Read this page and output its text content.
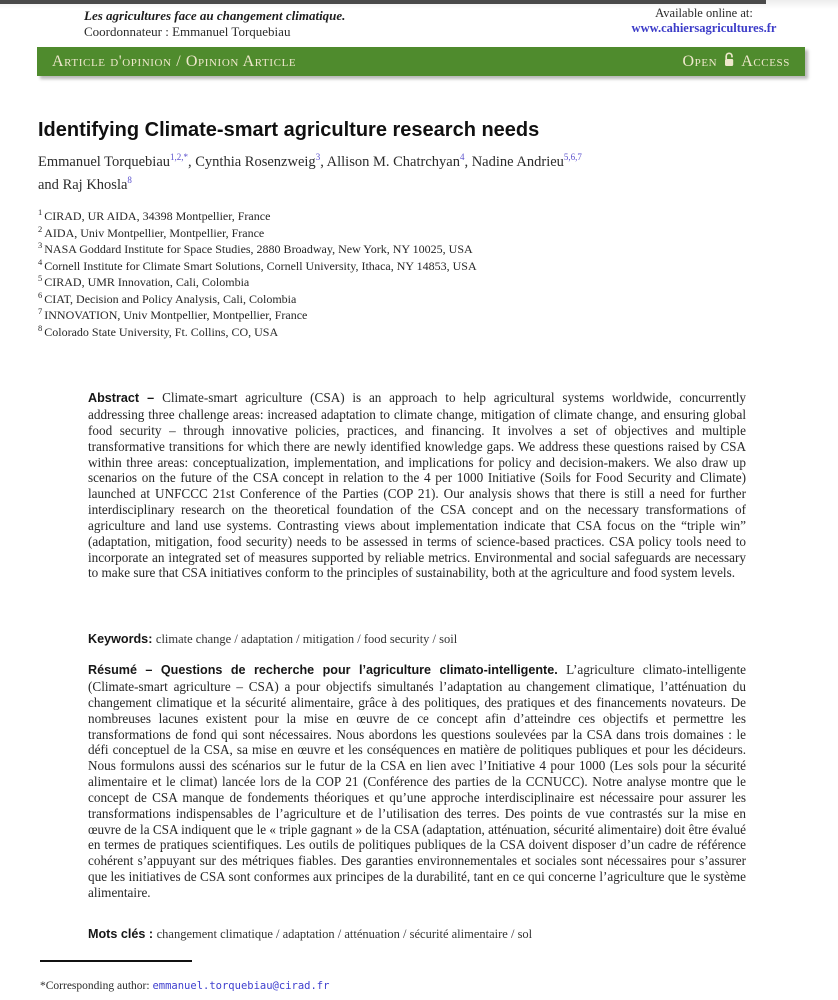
Les agricultures face au changement climatique.
Coordonnateur : Emmanuel Torquebiau
Available online at:
www.cahiersagricultures.fr
Article d'opinion / Opinion Article	Open Access
Identifying Climate-smart agriculture research needs
Emmanuel Torquebiau$^{1,2,*}$, Cynthia Rosenzweig$^3$, Allison M. Chatrchyan$^4$, Nadine Andrieu$^{5,6,7}$
and Raj Khosla$^8$
$^1$ CIRAD, UR AIDA, 34398 Montpellier, France
$^2$ AIDA, Univ Montpellier, Montpellier, France
$^3$ NASA Goddard Institute for Space Studies, 2880 Broadway, New York, NY 10025, USA
$^4$ Cornell Institute for Climate Smart Solutions, Cornell University, Ithaca, NY 14853, USA
$^5$ CIRAD, UMR Innovation, Cali, Colombia
$^6$ CIAT, Decision and Policy Analysis, Cali, Colombia
$^7$ INNOVATION, Univ Montpellier, Montpellier, France
$^8$ Colorado State University, Ft. Collins, CO, USA

Abstract – Climate-smart agriculture (CSA) is an approach to help agricultural systems worldwide, concurrently addressing three challenge areas: increased adaptation to climate change, mitigation of climate change, and ensuring global food security – through innovative policies, practices, and financing. It involves a set of objectives and multiple transformative transitions for which there are newly identified knowledge gaps. We address these questions raised by CSA within three areas: conceptualization, implementation, and implications for policy and decision-makers. We also draw up scenarios on the future of the CSA concept in relation to the 4 per 1000 Initiative (Soils for Food Security and Climate) launched at UNFCCC 21st Conference of the Parties (COP 21). Our analysis shows that there is still a need for further interdisciplinary research on the theoretical foundation of the CSA concept and on the necessary transformations of agriculture and land use systems. Contrasting views about implementation indicate that CSA focus on the “triple win” (adaptation, mitigation, food security) needs to be assessed in terms of science-based practices. CSA policy tools need to incorporate an integrated set of measures supported by reliable metrics. Environmental and social safeguards are necessary to make sure that CSA initiatives conform to the principles of sustainability, both at the agriculture and food system levels.

Keywords: climate change / adaptation / mitigation / food security / soil

Résumé – Questions de recherche pour l’agriculture climato-intelligente. L’agriculture climato-intelligente (Climate-smart agriculture – CSA) a pour objectifs simultanés l’adaptation au changement climatique, l’atténuation du changement climatique et la sécurité alimentaire, grâce à des politiques, des pratiques et des financements novateurs. De nombreuses lacunes existent pour la mise en œuvre de ce concept afin d’atteindre ces objectifs et permettre les transformations de fond qui sont nécessaires. Nous abordons les questions soulevées par la CSA dans trois domaines : le défi conceptuel de la CSA, sa mise en œuvre et les conséquences en matière de politiques publiques et pour les décideurs. Nous formulons aussi des scénarios sur le futur de la CSA en lien avec l’Initiative 4 pour 1000 (Les sols pour la sécurité alimentaire et le climat) lancée lors de la COP 21 (Conférence des parties de la CCNUCC). Notre analyse montre que le concept de CSA manque de fondements théoriques et qu’une approche interdisciplinaire est nécessaire pour assurer les transformations indispensables de l’agriculture et de l’utilisation des terres. Des points de vue contrastés sur la mise en œuvre de la CSA indiquent que le « triple gagnant » de la CSA (adaptation, atténuation, sécurité alimentaire) doit être évalué en termes de pratiques scientifiques. Les outils de politiques publiques de la CSA doivent disposer d’un cadre de référence cohérent s’appuyant sur des métriques fiables. Des garanties environnementales et sociales sont nécessaires pour s’assurer que les initiatives de CSA sont conformes aux principes de la durabilité, tant en ce qui concerne l’agriculture que le système alimentaire.

Mots clés : changement climatique / adaptation / atténuation / sécurité alimentaire / sol

*Corresponding author: emmanuel.torquebiau@cirad.fr
